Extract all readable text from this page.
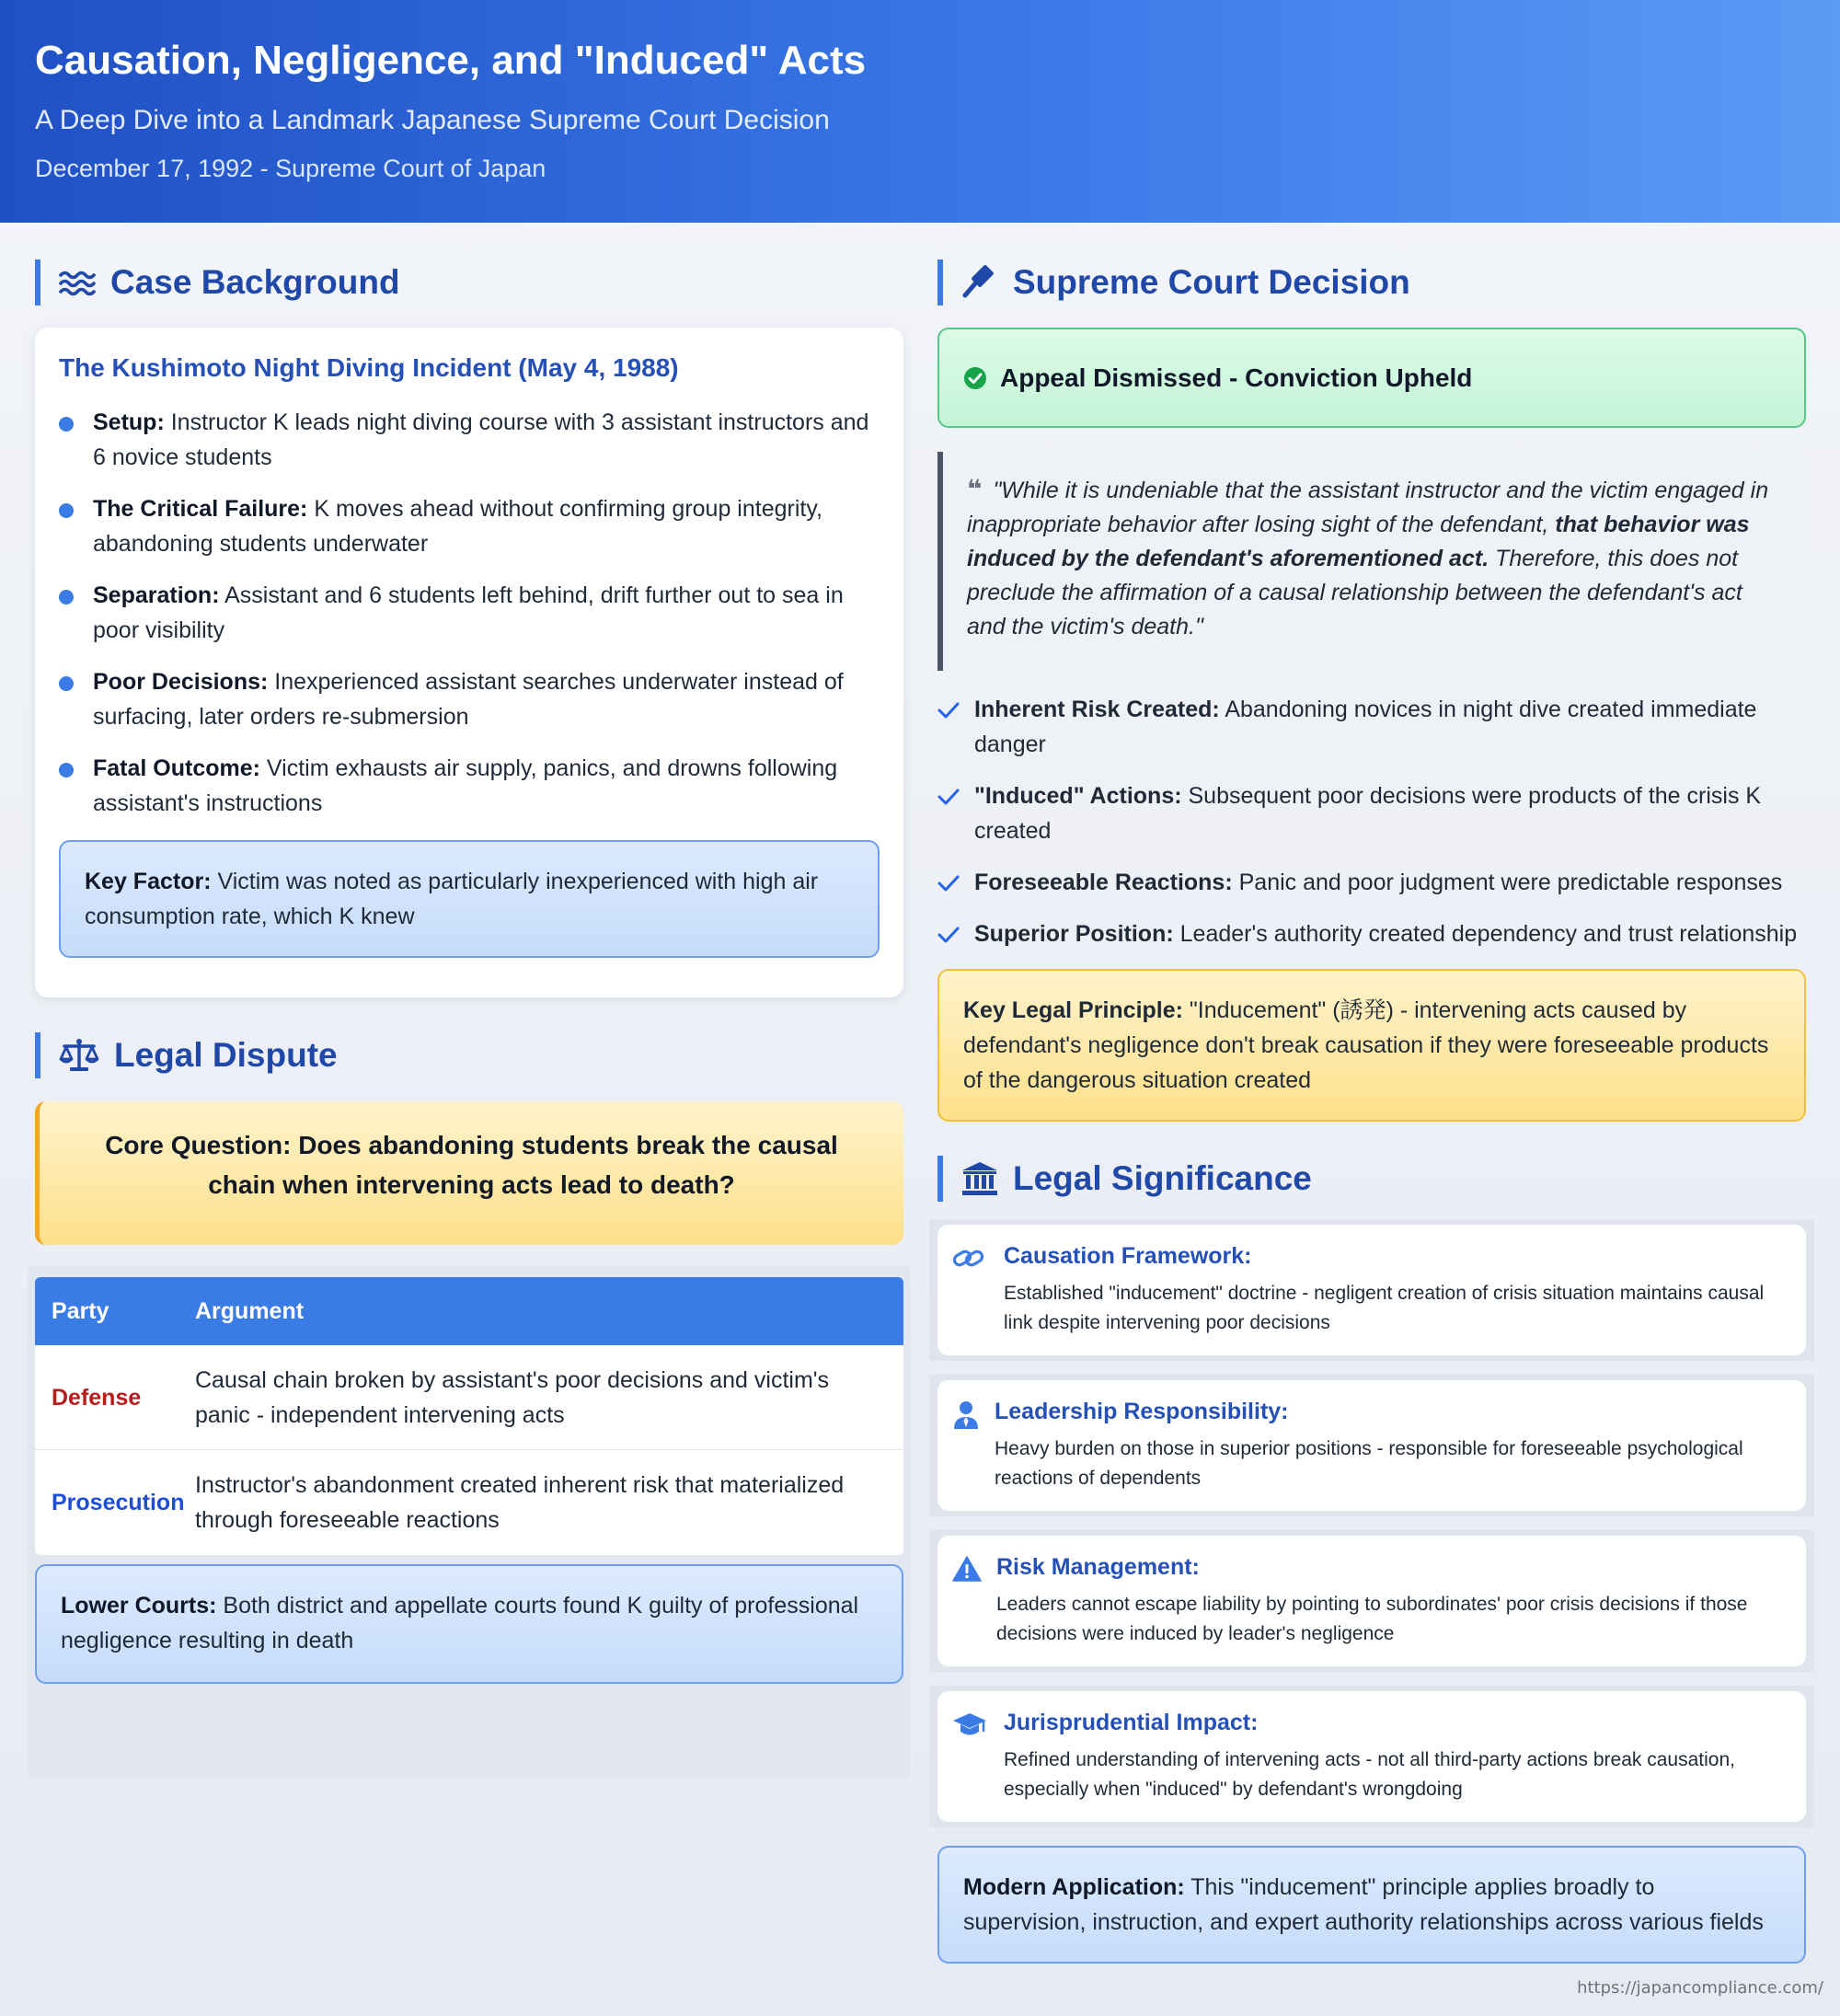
Causation, Negligence, and "Induced" Acts
A Deep Dive into a Landmark Japanese Supreme Court Decision
December 17, 1992 - Supreme Court of Japan
Case Background
The Kushimoto Night Diving Incident (May 4, 1988)
Setup: Instructor K leads night diving course with 3 assistant instructors and 6 novice students
The Critical Failure: K moves ahead without confirming group integrity, abandoning students underwater
Separation: Assistant and 6 students left behind, drift further out to sea in poor visibility
Poor Decisions: Inexperienced assistant searches underwater instead of surfacing, later orders re-submersion
Fatal Outcome: Victim exhausts air supply, panics, and drowns following assistant's instructions
Key Factor: Victim was noted as particularly inexperienced with high air consumption rate, which K knew
Legal Dispute
Core Question: Does abandoning students break the causal chain when intervening acts lead to death?
Party	Argument
Defense
Causal chain broken by assistant's poor decisions and victim's panic - independent intervening acts
Prosecution
Instructor's abandonment created inherent risk that materialized through foreseeable reactions
Lower Courts: Both district and appellate courts found K guilty of professional negligence resulting in death
Supreme Court Decision
Appeal Dismissed - Conviction Upheld
❝ "While it is undeniable that the assistant instructor and the victim engaged in inappropriate behavior after losing sight of the defendant, that behavior was induced by the defendant's aforementioned act. Therefore, this does not preclude the affirmation of a causal relationship between the defendant's act and the victim's death."
Inherent Risk Created: Abandoning novices in night dive created immediate danger
"Induced" Actions: Subsequent poor decisions were products of the crisis K created
Foreseeable Reactions: Panic and poor judgment were predictable responses
Superior Position: Leader's authority created dependency and trust relationship
Key Legal Principle: "Inducement" (誘発) - intervening acts caused by defendant's negligence don't break causation if they were foreseeable products of the dangerous situation created
Legal Significance
Causation Framework:
Established "inducement" doctrine - negligent creation of crisis situation maintains causal link despite intervening poor decisions
Leadership Responsibility:
Heavy burden on those in superior positions - responsible for foreseeable psychological reactions of dependents
Risk Management:
Leaders cannot escape liability by pointing to subordinates' poor crisis decisions if those decisions were induced by leader's negligence
Jurisprudential Impact:
Refined understanding of intervening acts - not all third-party actions break causation, especially when "induced" by defendant's wrongdoing
Modern Application: This "inducement" principle applies broadly to supervision, instruction, and expert authority relationships across various fields
https://japancompliance.com/
